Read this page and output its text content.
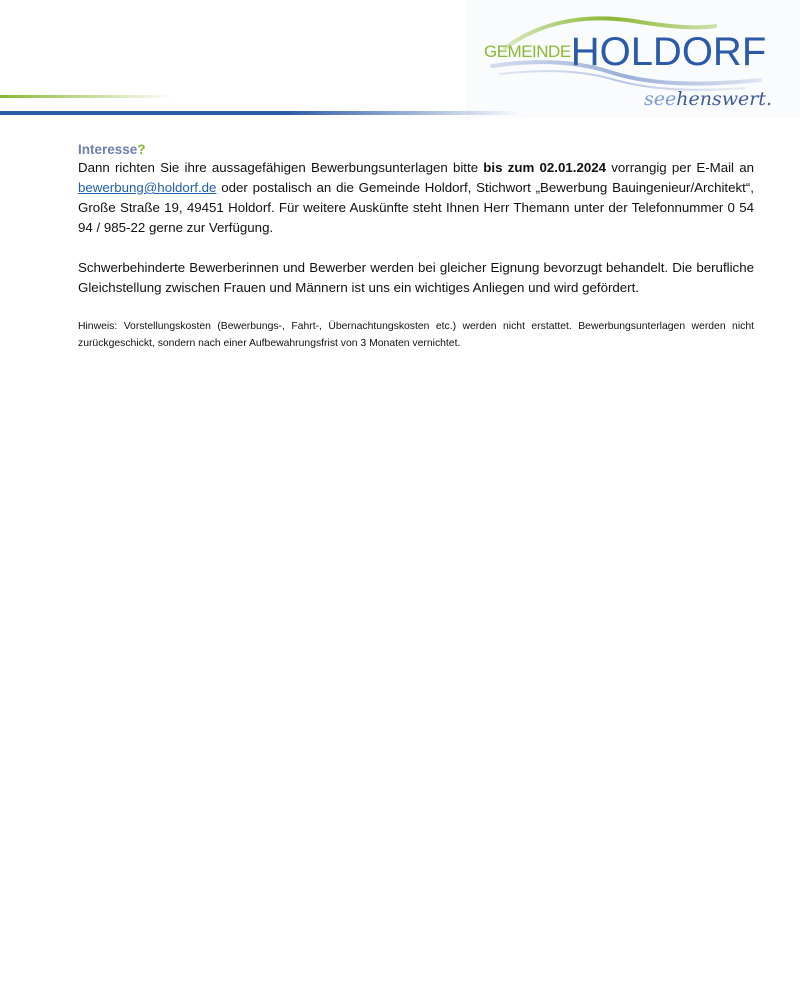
GEMEINDEHOLDORF
seehenswert.
Interesse?

Dann richten Sie ihre aussagefähigen Bewerbungsunterlagen bitte bis zum 02.01.2024 vorrangig per E-Mail an bewerbung@holdorf.de oder postalisch an die Gemeinde Holdorf, Stichwort „Bewerbung Bauingenieur/Architekt“, Große Straße 19, 49451 Holdorf. Für weitere Auskünfte steht Ihnen Herr Themann unter der Telefonnummer 0 54 94 / 985-22 gerne zur Verfügung.

Schwerbehinderte Bewerberinnen und Bewerber werden bei gleicher Eignung bevorzugt behandelt. Die berufliche Gleichstellung zwischen Frauen und Männern ist uns ein wichtiges Anliegen und wird gefördert.

Hinweis: Vorstellungskosten (Bewerbungs-, Fahrt-, Übernachtungskosten etc.) werden nicht erstattet. Bewerbungsunterlagen werden nicht zurückgeschickt, sondern nach einer Aufbewahrungsfrist von 3 Monaten vernichtet.
